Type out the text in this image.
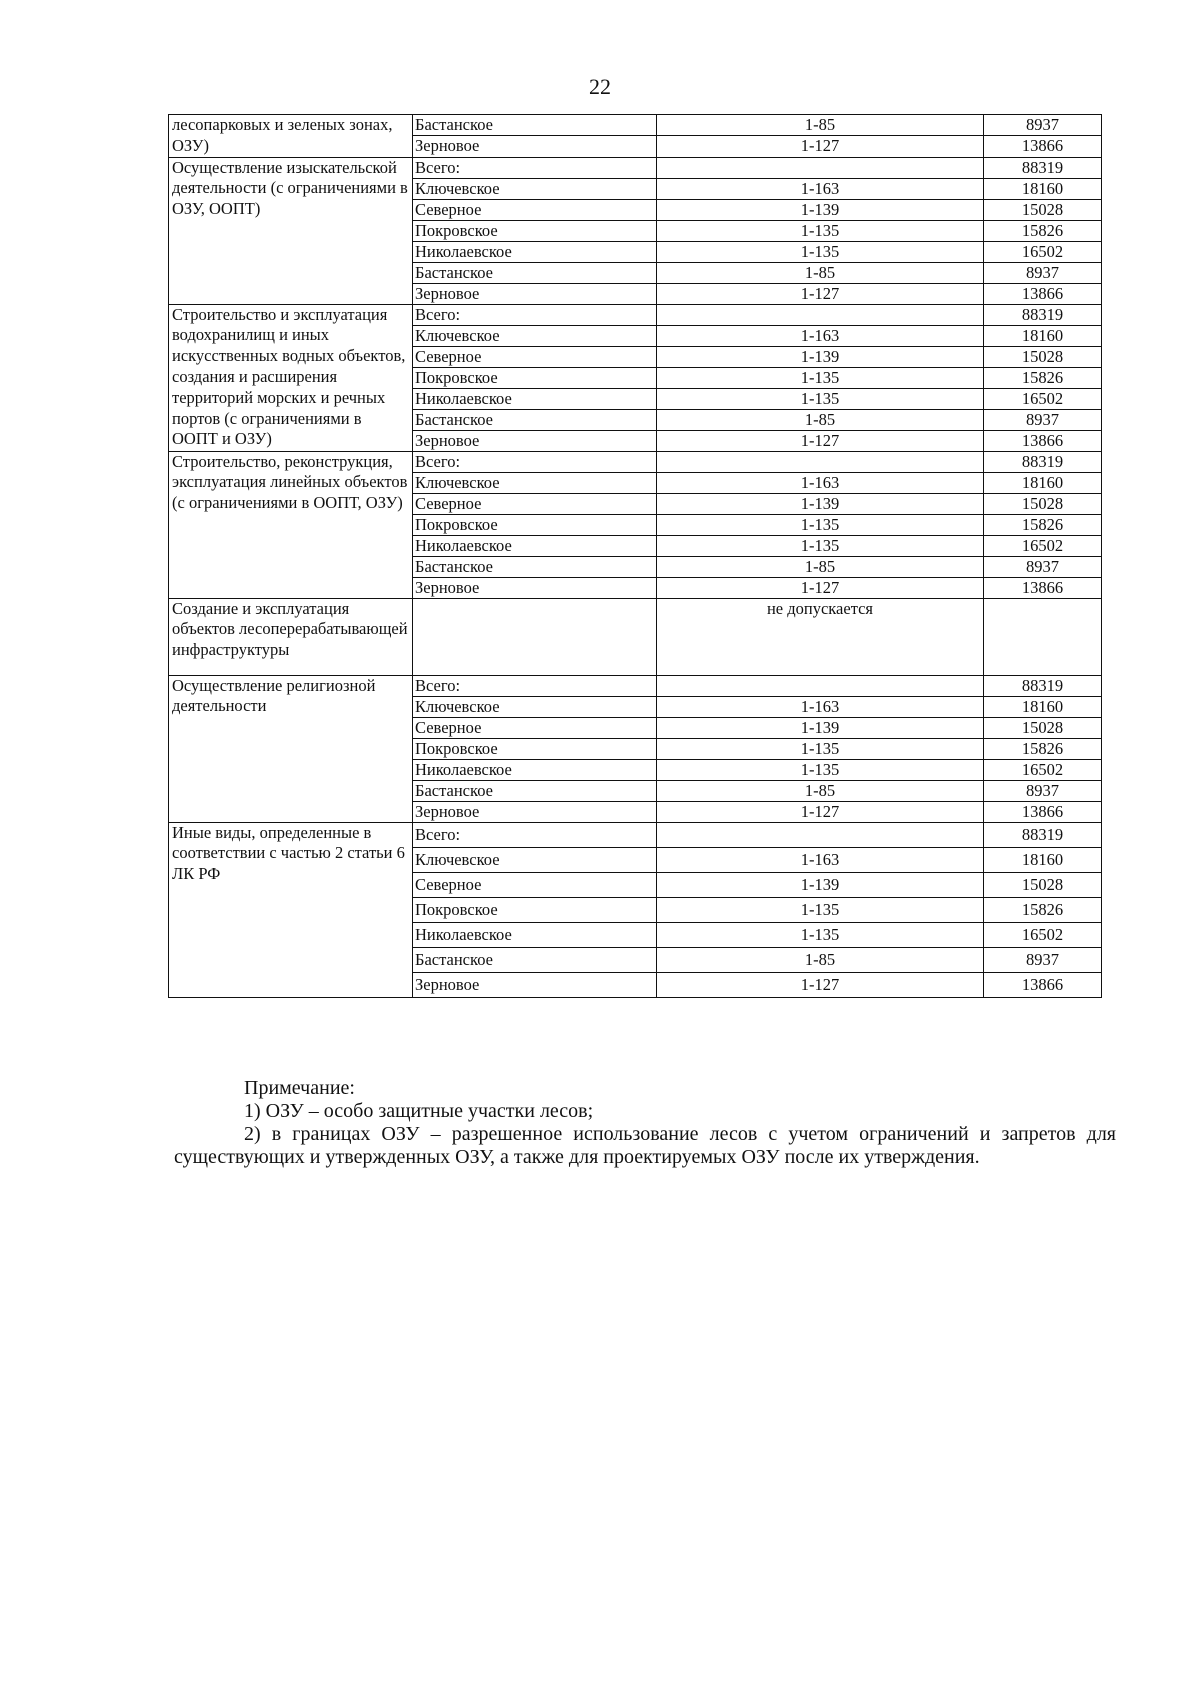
22
лесопарковых и зеленых зонах, ОЗУ)	Бастанское	1-85	8937
	Зерновое	1-127	13866
Осуществление изыскательской деятельности (с ограничениями в ОЗУ, ООПТ)	Всего:		88319
	Ключевское	1-163	18160
	Северное	1-139	15028
	Покровское	1-135	15826
	Николаевское	1-135	16502
	Бастанское	1-85	8937
	Зерновое	1-127	13866
Строительство и эксплуатация водохранилищ и иных искусственных водных объектов, создания и расширения территорий морских и речных портов (с ограничениями в ООПТ и ОЗУ)	Всего:		88319
	Ключевское	1-163	18160
	Северное	1-139	15028
	Покровское	1-135	15826
	Николаевское	1-135	16502
	Бастанское	1-85	8937
	Зерновое	1-127	13866
Строительство, реконструкция, эксплуатация линейных объектов (с ограничениями в ООПТ, ОЗУ)	Всего:		88319
	Ключевское	1-163	18160
	Северное	1-139	15028
	Покровское	1-135	15826
	Николаевское	1-135	16502
	Бастанское	1-85	8937
	Зерновое	1-127	13866
Создание и эксплуатация объектов лесоперерабатывающей инфраструктуры		не допускается	
Осуществление религиозной деятельности	Всего:		88319
	Ключевское	1-163	18160
	Северное	1-139	15028
	Покровское	1-135	15826
	Николаевское	1-135	16502
	Бастанское	1-85	8937
	Зерновое	1-127	13866
Иные виды, определенные в соответствии с частью 2 статьи 6 ЛК РФ	Всего:		88319
	Ключевское	1-163	18160
	Северное	1-139	15028
	Покровское	1-135	15826
	Николаевское	1-135	16502
	Бастанское	1-85	8937
	Зерновое	1-127	13866

Примечание:

1) ОЗУ – особо защитные участки лесов;

2) в границах ОЗУ – разрешенное использование лесов с учетом ограничений и запретов для существующих и утвержденных ОЗУ, а также для проектируемых ОЗУ после их утверждения.
